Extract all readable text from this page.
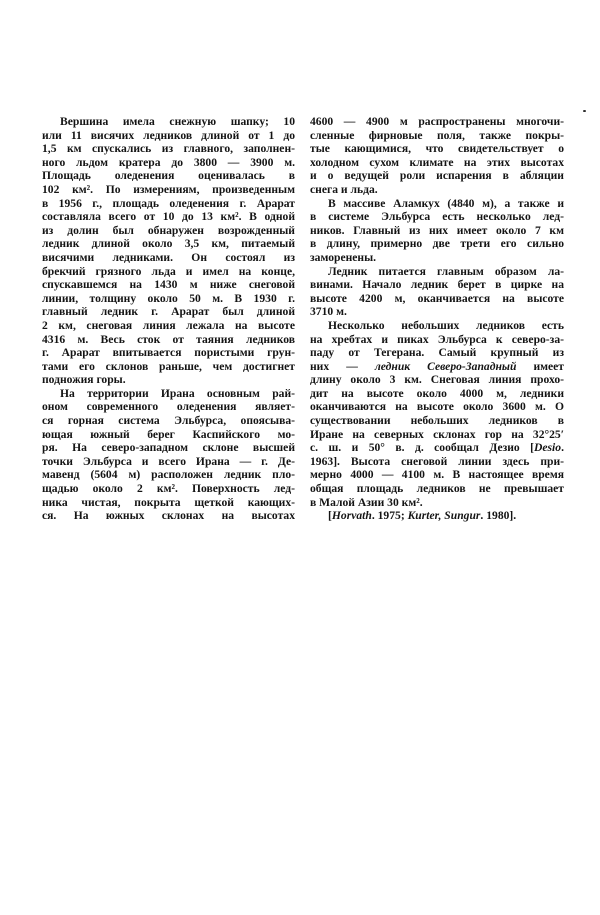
Вершина имела снежную шапку; 10
или 11 висячих ледников длиной от 1 до
1,5 км спускались из главного, заполнен-
ного льдом кратера до 3800 — 3900 м.
Площадь оледенения оценивалась в
102 км². По измерениям, произведенным
в 1956 г., площадь оледенения г. Арарат
составляла всего от 10 до 13 км². В одной
из долин был обнаружен возрожденный
ледник длиной около 3,5 км, питаемый
висячими ледниками. Он состоял из
брекчий грязного льда и имел на конце,
спускавшемся на 1430 м ниже снеговой
линии, толщину около 50 м. В 1930 г.
главный ледник г. Арарат был длиной
2 км, снеговая линия лежала на высоте
4316 м. Весь сток от таяния ледников
г. Арарат впитывается пористыми грун-
тами его склонов раньше, чем достигнет
подножия горы.
На территории Ирана основным рай-
оном современного оледенения являет-
ся горная система Эльбурса, опоясыва-
ющая южный берег Каспийского мо-
ря. На северо-западном склоне высшей
точки Эльбурса и всего Ирана — г. Де-
мавенд (5604 м) расположен ледник пло-
щадью около 2 км². Поверхность лед-
ника чистая, покрыта щеткой кающих-
ся. На южных склонах на высотах
4600 — 4900 м распространены многочи-
сленные фирновые поля, также покры-
тые кающимися, что свидетельствует о
холодном сухом климате на этих высотах
и о ведущей роли испарения в абляции
снега и льда.
В массиве Аламкух (4840 м), а также и
в системе Эльбурса есть несколько лед-
ников. Главный из них имеет около 7 км
в длину, примерно две трети его сильно
заморенены.
Ледник питается главным образом ла-
винами. Начало ледник берет в цирке на
высоте 4200 м, оканчивается на высоте
3710 м.
Несколько небольших ледников есть
на хребтах и пиках Эльбурса к северо-за-
паду от Тегерана. Самый крупный из
них — ледник Северо-Западный имеет
длину около 3 км. Снеговая линия прохо-
дит на высоте около 4000 м, ледники
оканчиваются на высоте около 3600 м. О
существовании небольших ледников в
Иране на северных склонах гор на 32°25′
с. ш. и 50° в. д. сообщал Дезио [Desio.
1963]. Высота снеговой линии здесь при-
мерно 4000 — 4100 м. В настоящее время
общая площадь ледников не превышает
в Малой Азии 30 км².
[Horvath. 1975; Kurter, Sungur. 1980].
